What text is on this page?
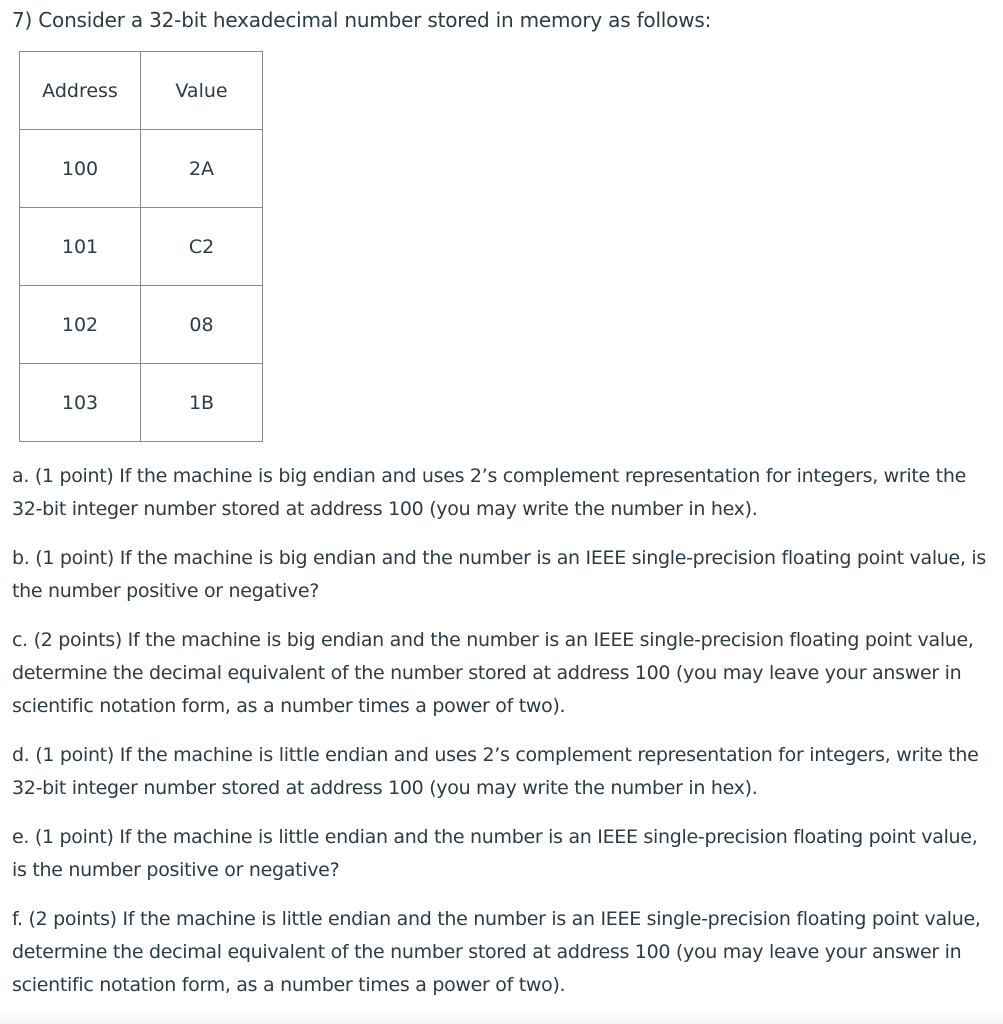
7) Consider a 32-bit hexadecimal number stored in memory as follows:
Address	Value
100	2A
101	C2
102	08
103	1B

a. (1 point) If the machine is big endian and uses 2’s complement representation for integers, write the 32-bit integer number stored at address 100 (you may write the number in hex).

b. (1 point) If the machine is big endian and the number is an IEEE single-precision floating point value, is the number positive or negative?

c. (2 points) If the machine is big endian and the number is an IEEE single-precision floating point value, determine the decimal equivalent of the number stored at address 100 (you may leave your answer in scientific notation form, as a number times a power of two).

d. (1 point) If the machine is little endian and uses 2’s complement representation for integers, write the 32-bit integer number stored at address 100 (you may write the number in hex).

e. (1 point) If the machine is little endian and the number is an IEEE single-precision floating point value, is the number positive or negative?

f. (2 points) If the machine is little endian and the number is an IEEE single-precision floating point value, determine the decimal equivalent of the number stored at address 100 (you may leave your answer in scientific notation form, as a number times a power of two).
